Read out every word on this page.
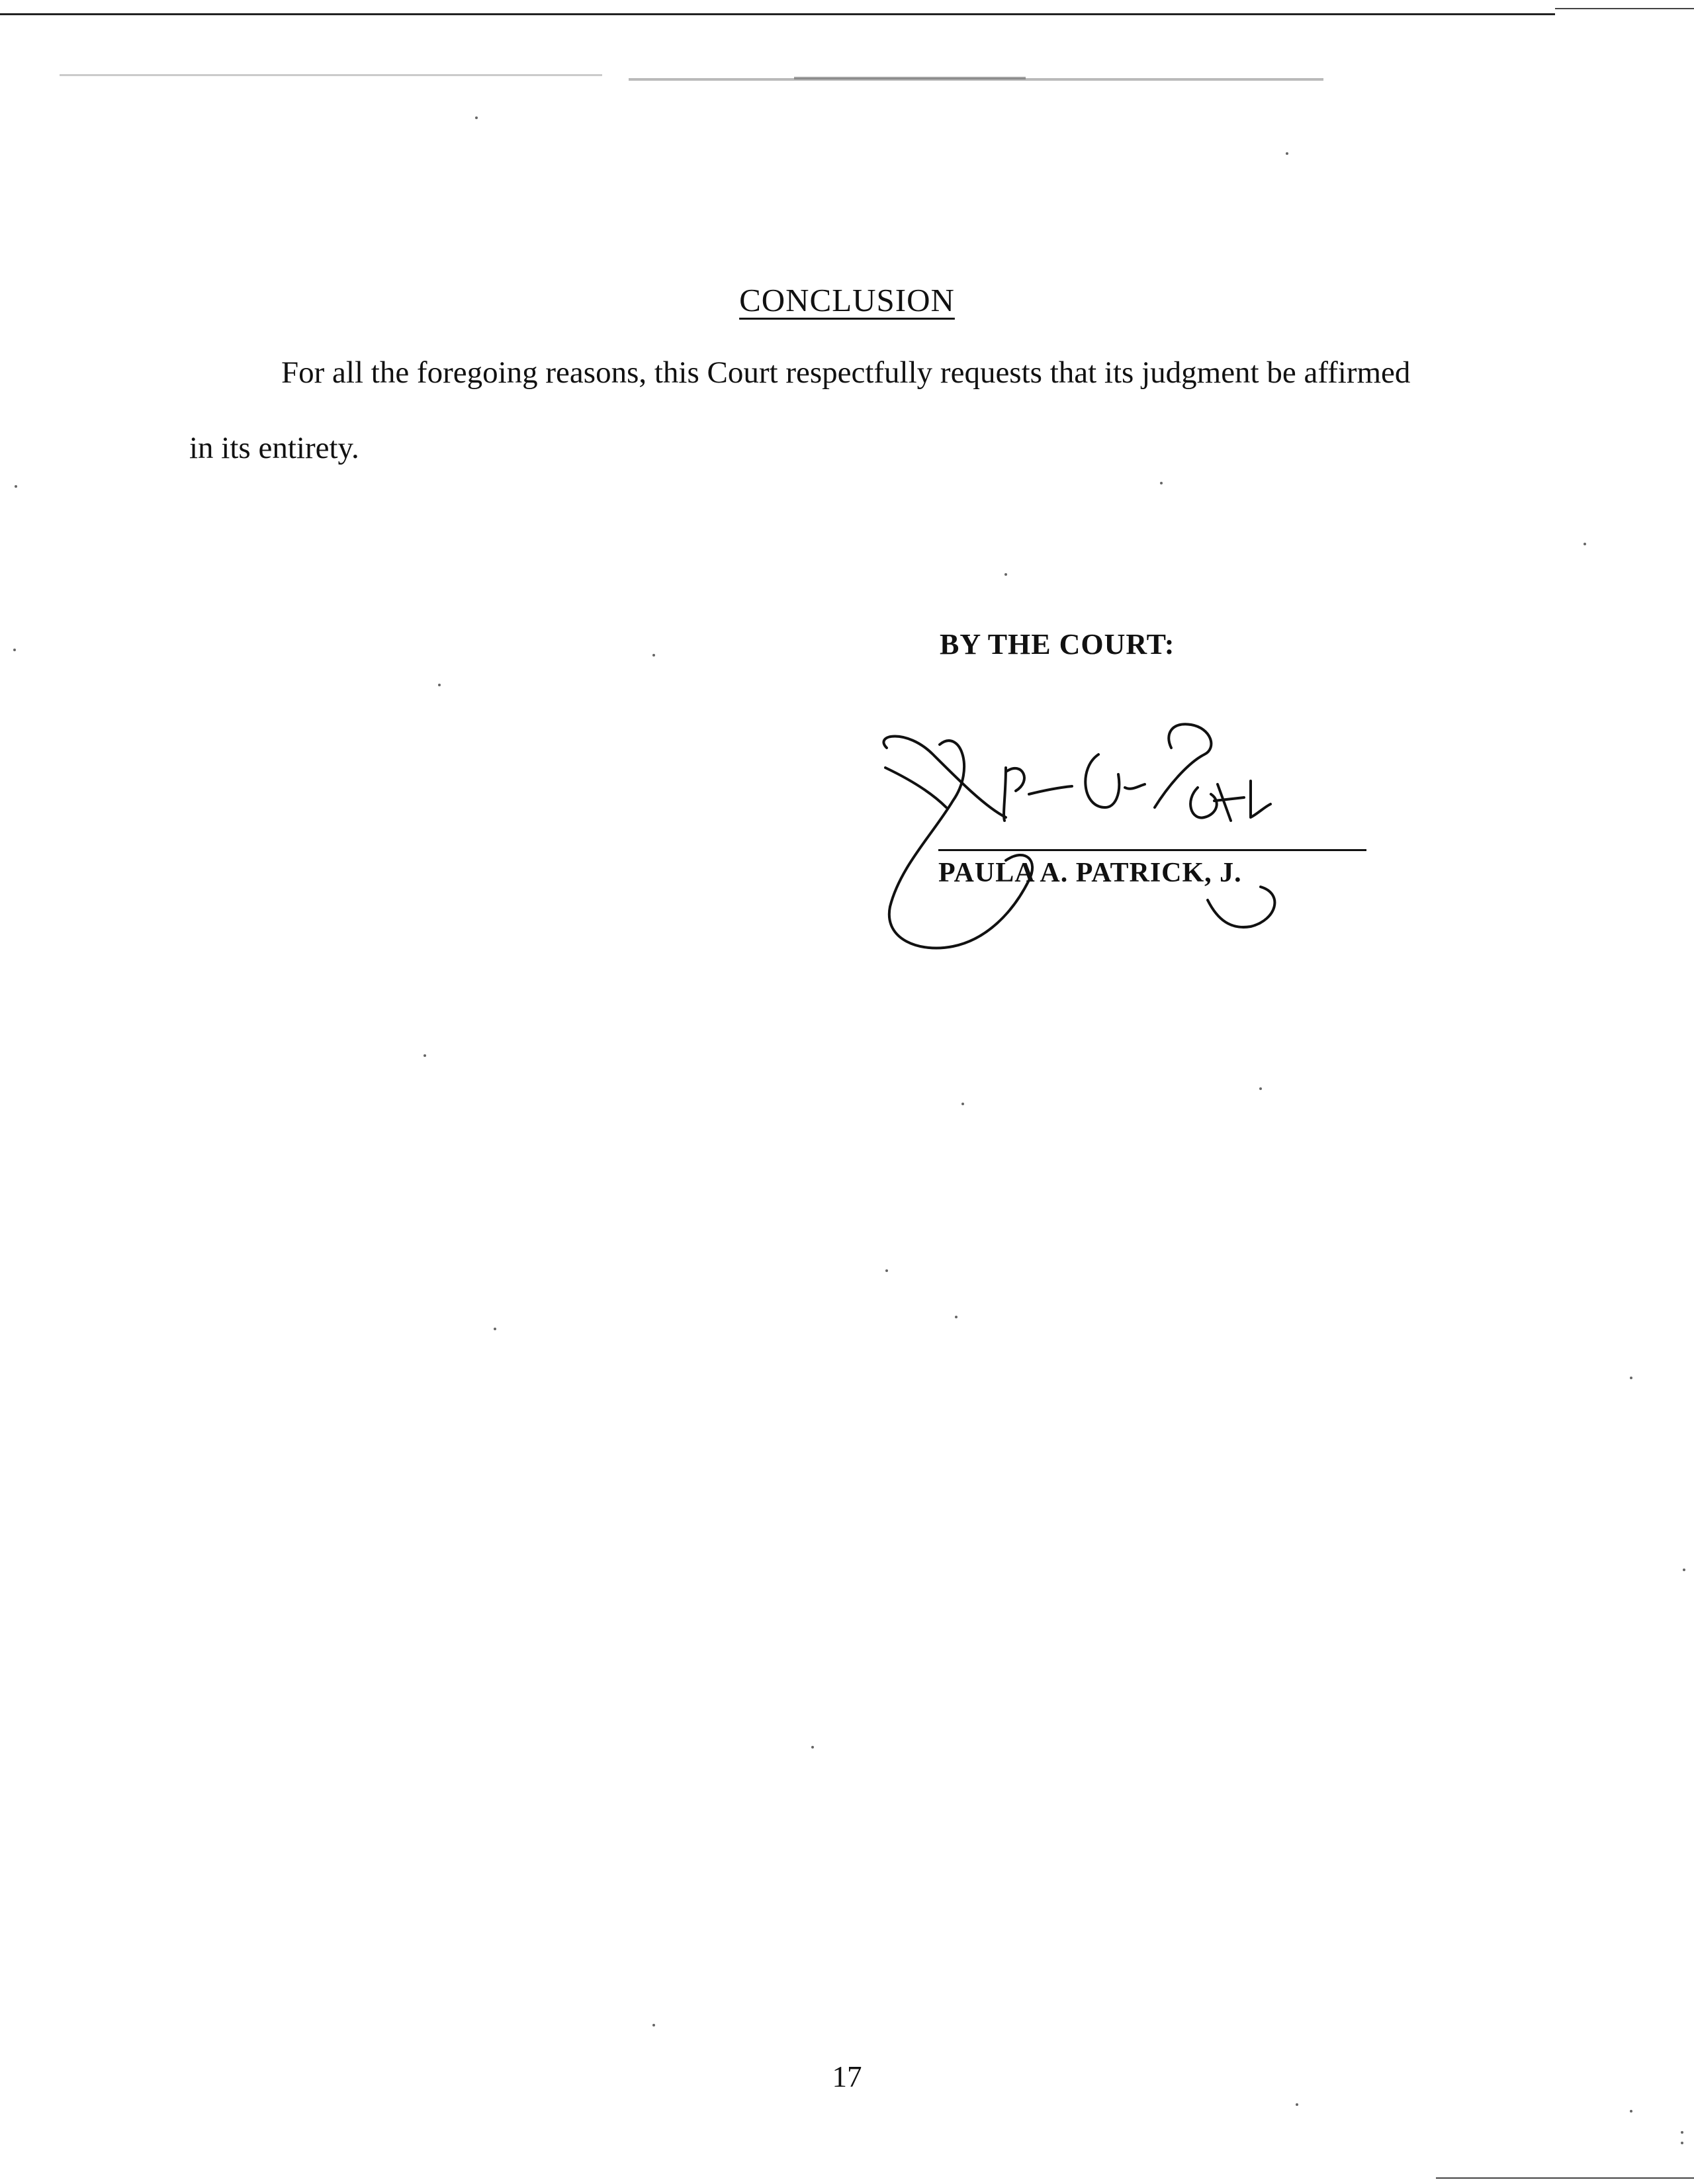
CONCLUSION
For all the foregoing reasons, this Court respectfully requests that its judgment be affirmed
in its entirety.
BY THE COURT:
PAULA A. PATRICK, J.
17
